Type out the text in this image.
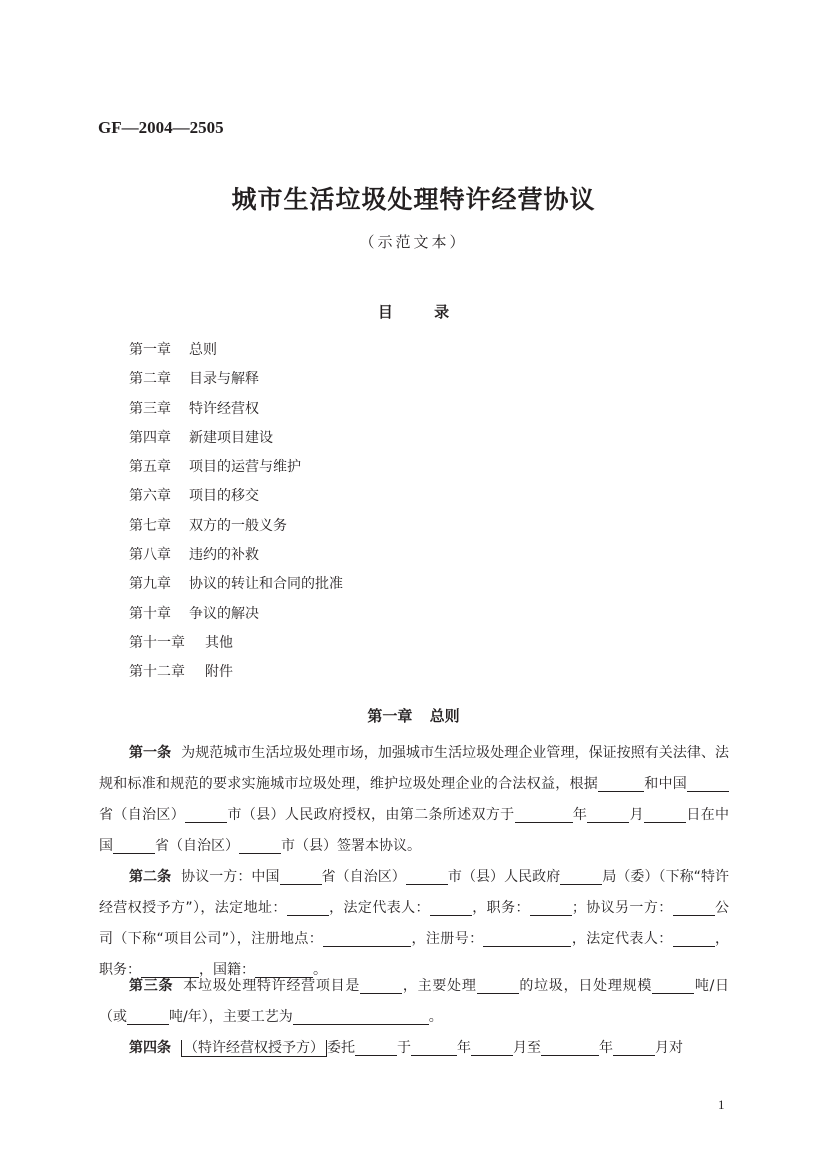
GF—2004—2505
城市生活垃圾处理特许经营协议
（示范文本）
目 录
第一章 总则
第二章 目录与解释
第三章 特许经营权
第四章 新建项目建设
第五章 项目的运营与维护
第六章 项目的移交
第七章 双方的一般义务
第八章 违约的补救
第九章 协议的转让和合同的批准
第十章 争议的解决
第十一章 其他
第十二章 附件
第一章 总则

第一条 为规范城市生活垃圾处理市场，加强城市生活垃圾处理企业管理，保证按照有关法律、法规和标准和规范的要求实施城市垃圾处理，维护垃圾处理企业的合法权益，根据	和中国省（自治区）	市（县）人民政府授权，由第二条所述双方于	年	月	日在中国	省（自治区）	市（县）签署本协议。

第二条 协议一方：中国	省（自治区）	市（县）人民政府	局（委）（下称“特许经营权授予方”），法定地址：	，法定代表人：	，职务：	；协议另一方：	公司（下称“项目公司”），注册地点：	，注册号：	，法定代表人：	，职务：	，国籍：	。

第三条 本垃圾处理特许经营项目是	，主要处理	的垃圾，日处理规模	吨/日（或	吨/年），主要工艺为	。

第四条 （特许经营权授予方） 委托	于	年	月至	年	月对

1
